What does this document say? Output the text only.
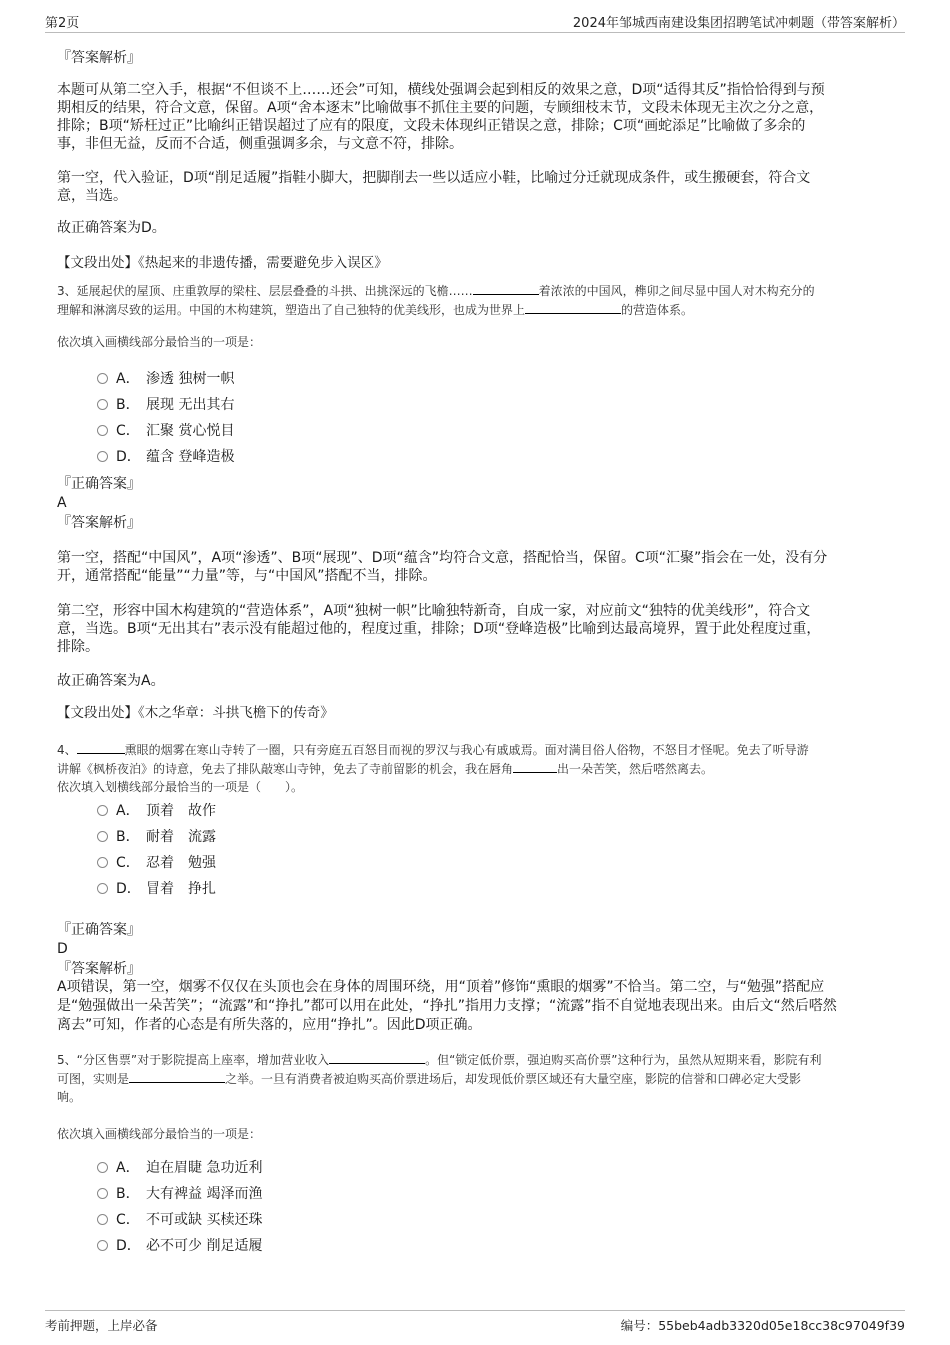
第2页	2024年邹城西南建设集团招聘笔试冲刺题（带答案解析）
『答案解析』
本题可从第二空入手，根据“不但谈不上……还会”可知，横线处强调会起到相反的效果之意，D项“适得其反”指恰恰得到与预
期相反的结果，符合文意，保留。A项“舍本逐末”比喻做事不抓住主要的问题，专顾细枝末节，文段未体现无主次之分之意，
排除；B项“矫枉过正”比喻纠正错误超过了应有的限度，文段未体现纠正错误之意，排除；C项“画蛇添足”比喻做了多余的
事，非但无益，反而不合适，侧重强调多余，与文意不符，排除。
第一空，代入验证，D项“削足适履”指鞋小脚大，把脚削去一些以适应小鞋，比喻过分迁就现成条件，或生搬硬套，符合文
意，当选。
故正确答案为D。
【文段出处】《热起来的非遗传播，需要避免步入误区》
3、延展起伏的屋顶、庄重敦厚的梁柱、层层叠叠的斗拱、出挑深远的飞檐……	着浓浓的中国风，榫卯之间尽显中国人对木构充分的
理解和淋漓尽致的运用。中国的木构建筑，塑造出了自己独特的优美线形，也成为世界上	的营造体系。
依次填入画横线部分最恰当的一项是：
A． 渗透 独树一帜
B． 展现 无出其右
C． 汇聚 赏心悦目
D． 蕴含 登峰造极
『正确答案』
A
『答案解析』
第一空，搭配“中国风”，A项“渗透”、B项“展现”、D项“蕴含”均符合文意，搭配恰当，保留。C项“汇聚”指会在一处，没有分
开，通常搭配“能量”“力量”等，与“中国风”搭配不当，排除。
第二空，形容中国木构建筑的“营造体系”，A项“独树一帜”比喻独特新奇，自成一家，对应前文“独特的优美线形”，符合文
意，当选。B项“无出其右”表示没有能超过他的，程度过重，排除；D项“登峰造极”比喻到达最高境界，置于此处程度过重，
排除。
故正确答案为A。
【文段出处】《木之华章：斗拱飞檐下的传奇》
4、	熏眼的烟雾在寒山寺转了一圈，只有旁庭五百怒目而视的罗汉与我心有戚戚焉。面对满目俗人俗物，不怒目才怪呢。免去了听导游
讲解《枫桥夜泊》的诗意，免去了排队敲寒山寺钟，免去了寺前留影的机会，我在唇角	出一朵苦笑，然后嗒然离去。
依次填入划横线部分最恰当的一项是（　　）。
A． 顶着　故作
B． 耐着　流露
C． 忍着　勉强
D． 冒着　挣扎
『正确答案』
D
『答案解析』
A项错误，第一空，烟雾不仅仅在头顶也会在身体的周围环绕，用“顶着”修饰“熏眼的烟雾”不恰当。第二空，与“勉强”搭配应
是“勉强做出一朵苦笑”；“流露”和“挣扎”都可以用在此处，“挣扎”指用力支撑；“流露”指不自觉地表现出来。由后文“然后嗒然
离去”可知，作者的心态是有所失落的，应用“挣扎”。因此D项正确。
5、“分区售票”对于影院提高上座率，增加营业收入	。但“锁定低价票，强迫购买高价票”这种行为，虽然从短期来看，影院有利
可图，实则是	之举。一旦有消费者被迫购买高价票进场后，却发现低价票区域还有大量空座，影院的信誉和口碑必定大受影
响。
依次填入画横线部分最恰当的一项是：
A． 迫在眉睫 急功近利
B． 大有裨益 竭泽而渔
C． 不可或缺 买椟还珠
D． 必不可少 削足适履
考前押题，上岸必备	编号：55beb4adb3320d05e18cc38c97049f39
